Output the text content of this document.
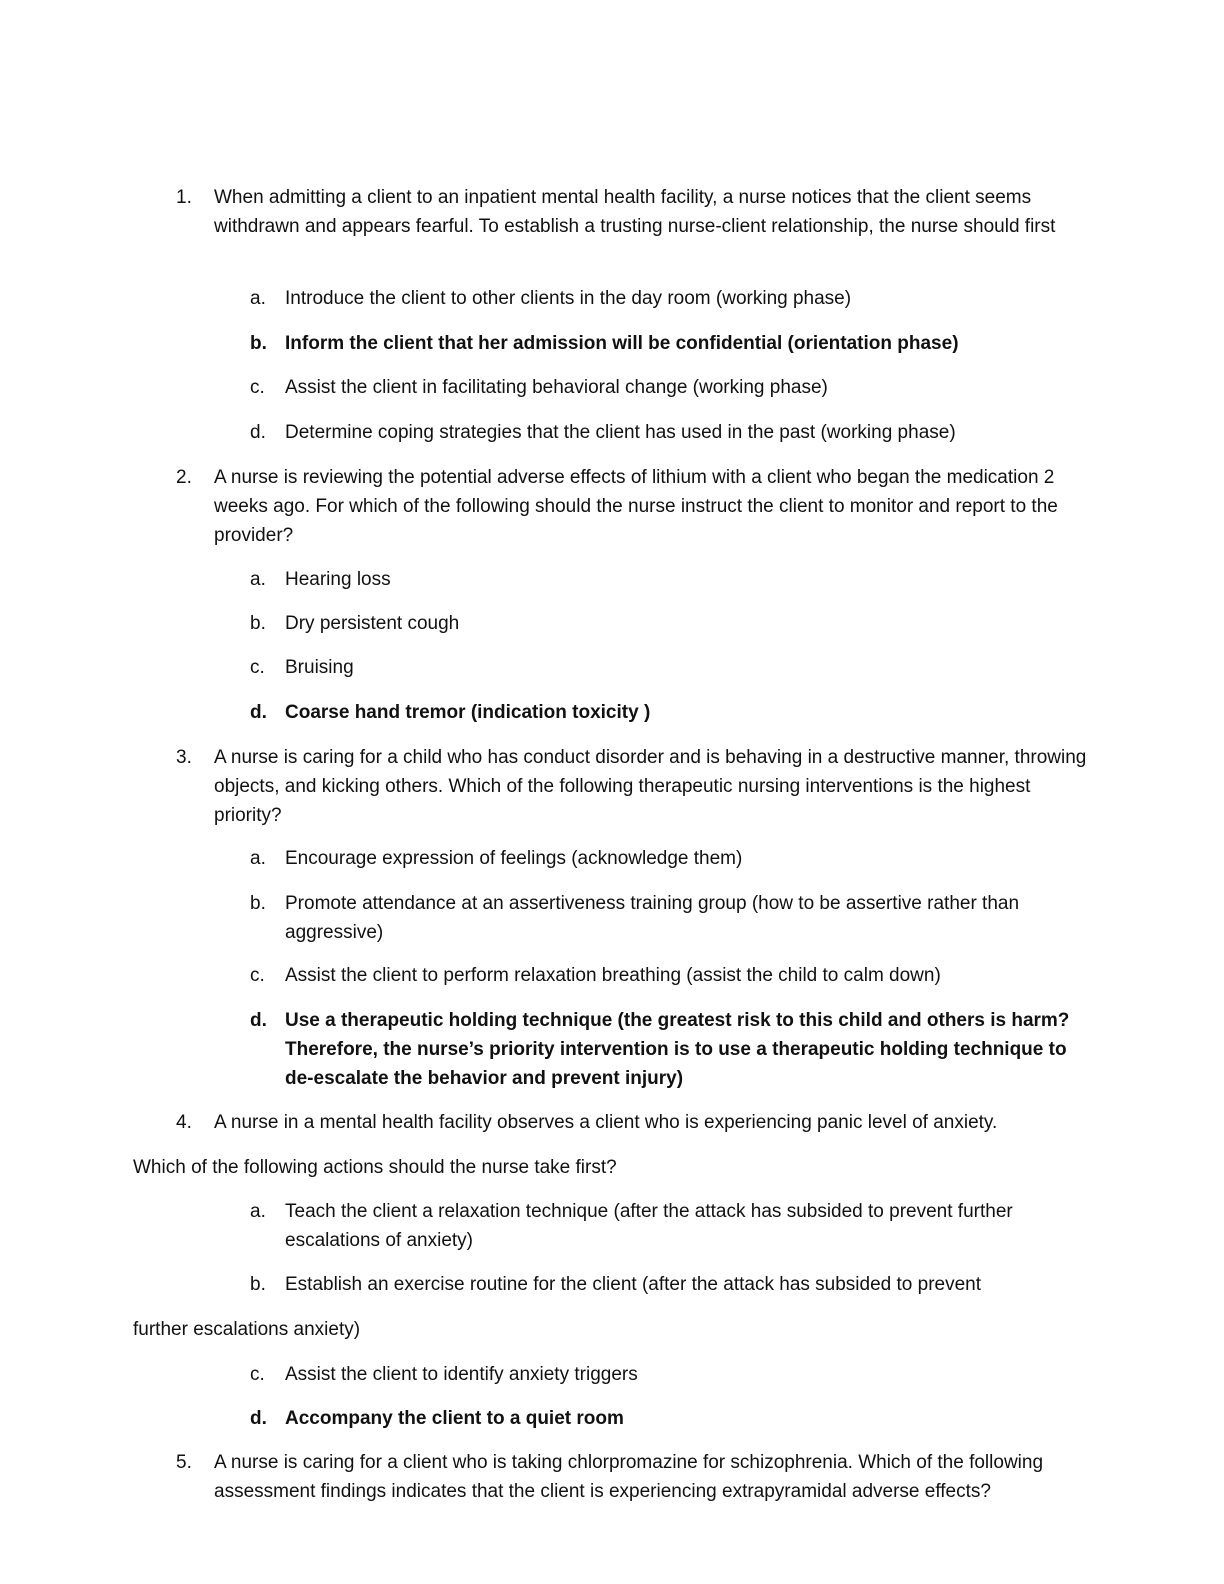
1.	When admitting a client to an inpatient mental health facility, a nurse notices that the client seems withdrawn and appears fearful. To establish a trusting nurse-client relationship, the nurse should first
a.	Introduce the client to other clients in the day room (working phase)
b. Inform the client that her admission will be confidential (orientation phase)
c.	Assist the client in facilitating behavioral change (working phase)
d.	Determine coping strategies that the client has used in the past (working phase)
2.	A nurse is reviewing the potential adverse effects of lithium with a client who began the medication 2 weeks ago. For which of the following should the nurse instruct the client to monitor and report to the provider?
a.	Hearing loss
b.	Dry persistent cough
c.	Bruising
d. Coarse hand tremor (indication toxicity )
3.	A nurse is caring for a child who has conduct disorder and is behaving in a destructive manner, throwing objects, and kicking others. Which of the following therapeutic nursing interventions is the highest priority?
a.	Encourage expression of feelings (acknowledge them)
b.	Promote attendance at an assertiveness training group (how to be assertive rather than aggressive)
c.	Assist the client to perform relaxation breathing (assist the child to calm down)
d. Use a therapeutic holding technique (the greatest risk to this child and others is harm? Therefore, the nurse’s priority intervention is to use a therapeutic holding technique to de-escalate the behavior and prevent injury)
4.	A nurse in a mental health facility observes a client who is experiencing panic level of anxiety.
Which of the following actions should the nurse take first?
a.	Teach the client a relaxation technique (after the attack has subsided to prevent further escalations of anxiety)
b.	Establish an exercise routine for the client (after the attack has subsided to prevent
further escalations anxiety)
c.	Assist the client to identify anxiety triggers
d. Accompany the client to a quiet room
5.	A nurse is caring for a client who is taking chlorpromazine for schizophrenia. Which of the following assessment findings indicates that the client is experiencing extrapyramidal adverse effects?
